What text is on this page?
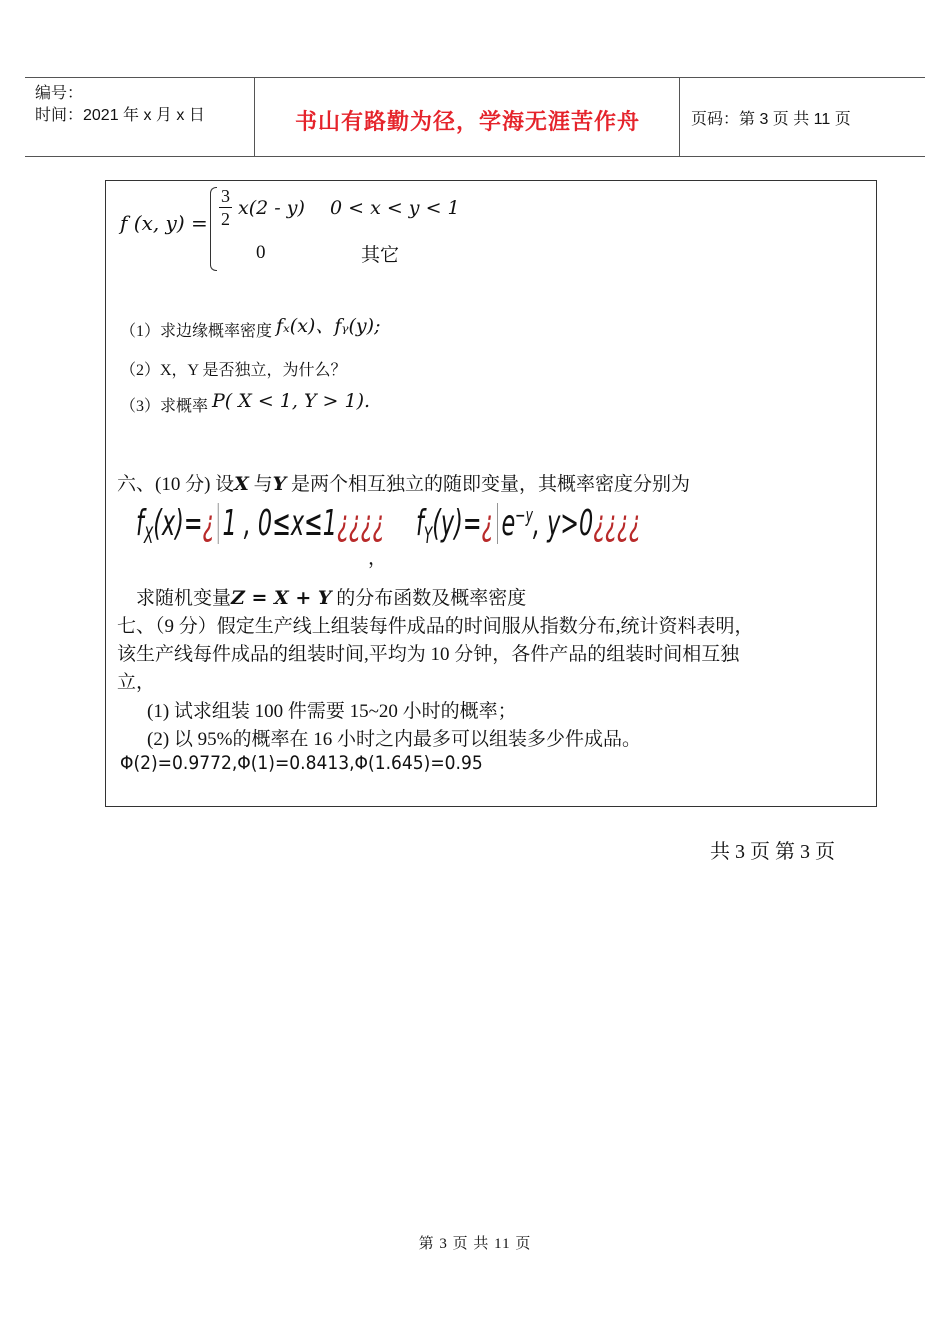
编号：
时间：2021 年 x 月 x 日	书山有路勤为径，学海无涯苦作舟	页码：第 3 页 共 11 页
f (x, $y) = \frac{3}{2} x(2 - y) 0 < x < y < 1$
0	其它
（1）求边缘概率密度 fₓ(x)、fᵧ(y);
（2）X，Y 是否独立，为什么？
（3）求概率 P( X < 1, Y > 1).
六、(10 分) 设X 与Y 是两个相互独立的随即变量，其概率密度分别为
$f_X(x)=¿$ 1 , 0≤x≤1¿¿¿¿
，
$f_Y(y)=¿$ $e^{-y}$, y>0¿¿¿¿
求随机变量Z = X + Y 的分布函数及概率密度
七、（9 分）假定生产线上组装每件成品的时间服从指数分布,统计资料表明，
该生产线每件成品的组装时间,平均为 10 分钟，各件产品的组装时间相互独
立，
(1) 试求组装 100 件需要 15~20 小时的概率；
(2) 以 95%的概率在 16 小时之内最多可以组装多少件成品。
Φ(2)=0.9772,Φ(1)=0.8413,Φ(1.645)=0.95
共 3 页 第 3 页
第 3 页 共 11 页
